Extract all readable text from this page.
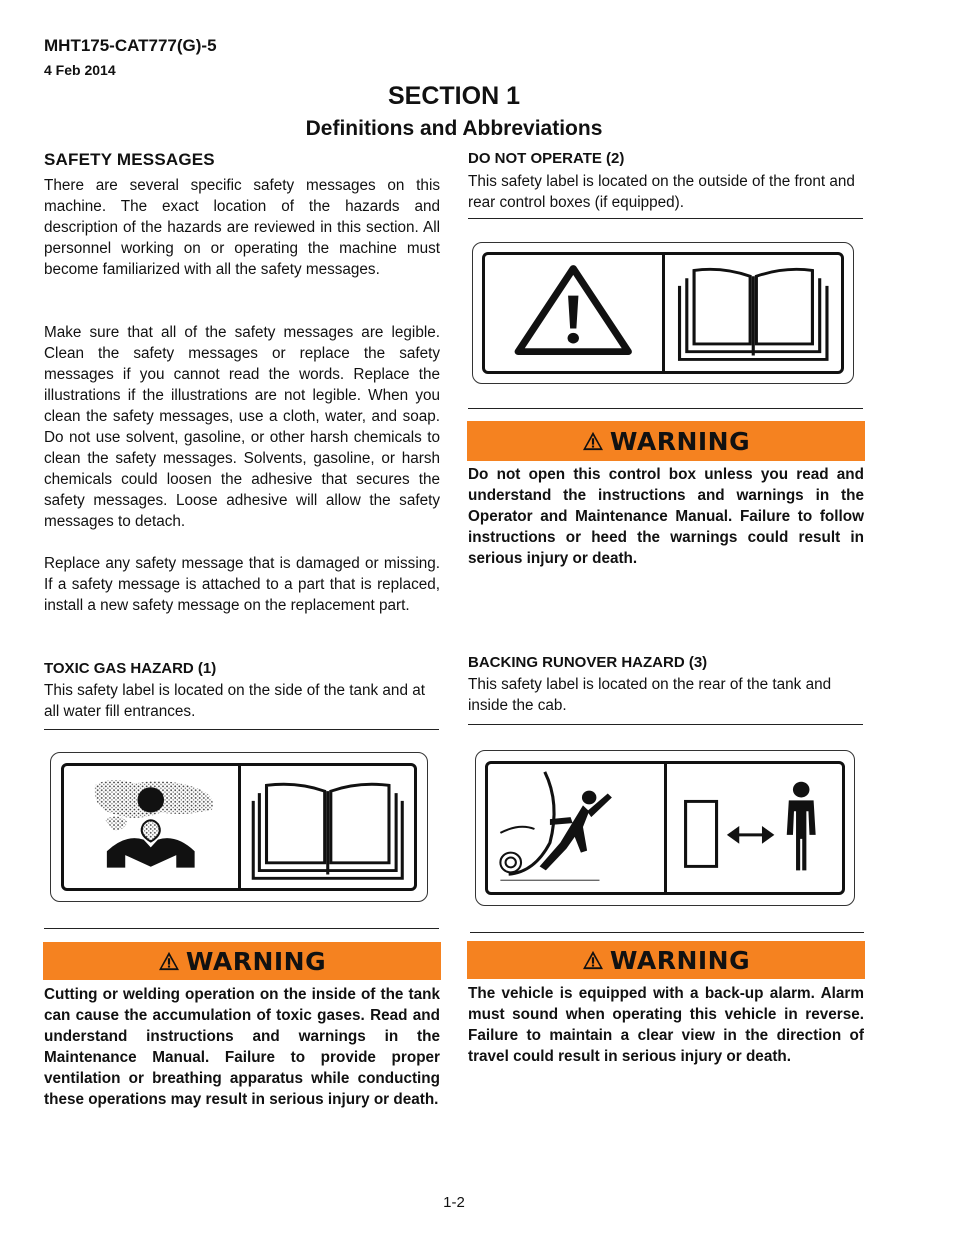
MHT175-CAT777(G)-5
4 Feb 2014
SECTION 1
Definitions and Abbreviations
SAFETY MESSAGES
There are several specific safety messages on this machine. The exact location of the hazards and description of the hazards are reviewed in this section. All personnel working on or operating the machine must become familiarized with all the safety messages.
Make sure that all of the safety messages are legible. Clean the safety messages or replace the safety messages if you cannot read the words. Replace the illustrations if the illustrations are not legible. When you clean the safety messages, use a cloth, water, and soap. Do not use solvent, gasoline, or other harsh chemicals to clean the safety messages. Solvents, gasoline, or harsh chemicals could loosen the adhesive that secures the safety messages. Loose adhesive will allow the safety messages to detach.
Replace any safety message that is damaged or missing. If a safety message is attached to a part that is replaced, install a new safety message on the replacement part.
TOXIC GAS HAZARD (1)
This safety label is located on the side of the tank and at all water fill entrances.
WARNING
Cutting or welding operation on the inside of the tank can cause the accumulation of toxic gases. Read and understand instructions and warnings in the Maintenance Manual. Failure to provide proper ventilation or breathing apparatus while conducting these operations may result in serious injury or death.
DO NOT OPERATE (2)
This safety label is located on the outside of the front and rear control boxes (if equipped).
WARNING
Do not open this control box unless you read and understand the instructions and warnings in the Operator and Maintenance Manual. Failure to follow instructions or heed the warnings could result in serious injury or death.
BACKING RUNOVER HAZARD (3)
This safety label is located on the rear of the tank and inside the cab.
WARNING
The vehicle is equipped with a back-up alarm. Alarm must sound when operating this vehicle in reverse. Failure to maintain a clear view in the direction of travel could result in serious injury or death.
1-2
